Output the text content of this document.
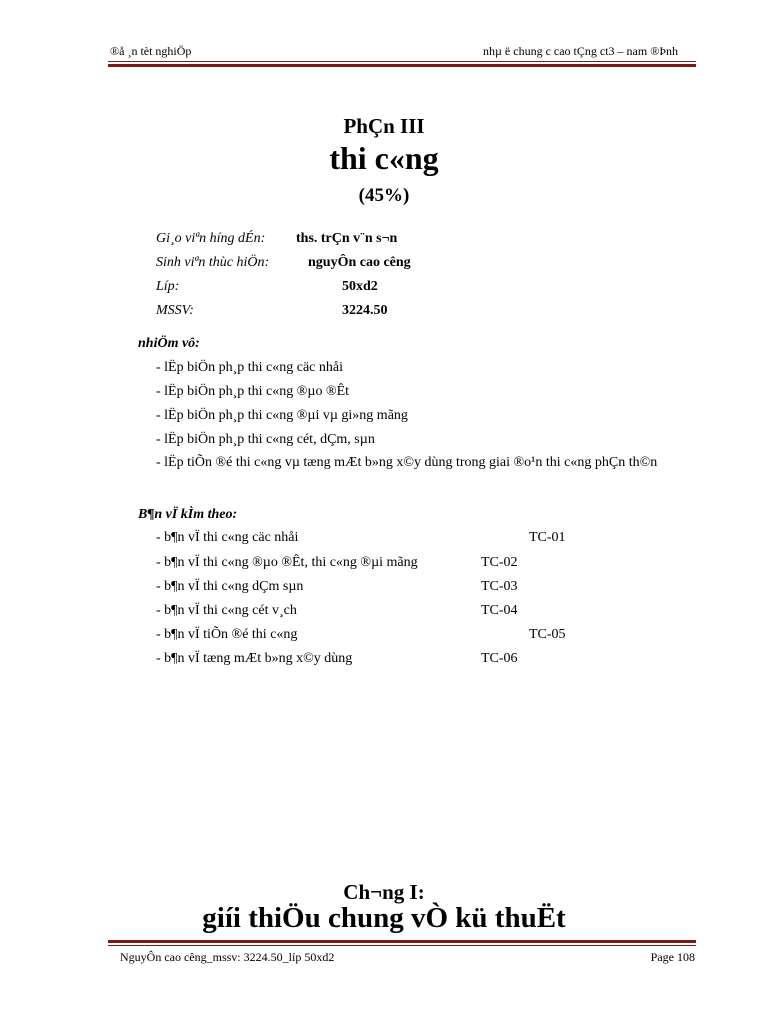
®å ¸n tèt nghiÖp	nhµ ë chung c cao tÇng ct3 – nam ®Þnh
PhÇn III
thi c«ng
(45%)
Gi¸o viªn híng dÉn: ths. trÇn v¨n s¬n
Sinh viªn thùc hiÖn:	nguyÔn cao cêng
Líp:	50xd2
MSSV:	3224.50
nhiÖm vô:
- lËp biÖn ph¸p thi c«ng cäc nhåi
- lËp biÖn ph¸p thi c«ng ®µo ®Êt
- lËp biÖn ph¸p thi c«ng ®µi vµ gi»ng mãng
- lËp biÖn ph¸p thi c«ng cét, dÇm, sµn
- lËp tiÕn ®é thi c«ng vµ tæng mÆt b»ng x©y dùng trong giai ®o¹n thi c«ng phÇn th©n
B¶n vÏ kÌm theo:
- b¶n vÏ thi c«ng cäc nhåi	TC-01
- b¶n vÏ thi c«ng ®µo ®Êt, thi c«ng ®µi mãng	TC-02
- b¶n vÏ thi c«ng dÇm sµn	TC-03
- b¶n vÏ thi c«ng cét v¸ch	TC-04
- b¶n vÏ tiÕn ®é thi c«ng	TC-05
- b¶n vÏ tæng mÆt b»ng x©y dùng	TC-06
Ch¬ng I:
giíi thiÖu chung vÒ kü thuËt
NguyÔn cao cêng_mssv: 3224.50_líp 50xd2	Page 108
